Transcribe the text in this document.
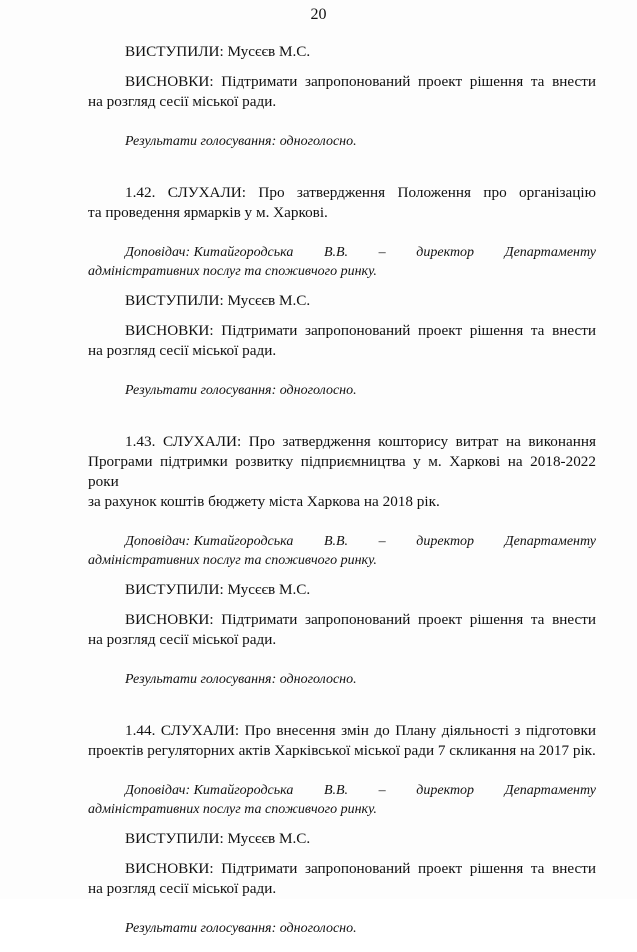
20

ВИСТУПИЛИ: Мусєєв М.С.

ВИСНОВКИ: Підтримати запропонований проект рішення та внести

на розгляд сесії міської ради.

Результати голосування: одноголосно.

1.42. СЛУХАЛИ: Про затвердження Положення про організацію

та проведення ярмарків у м. Харкові.

Доповідач: Китайгородська В.В. – директор Департаменту

адміністративних послуг та споживчого ринку.

ВИСТУПИЛИ: Мусєєв М.С.

ВИСНОВКИ: Підтримати запропонований проект рішення та внести

на розгляд сесії міської ради.

Результати голосування: одноголосно.

1.43. СЛУХАЛИ: Про затвердження кошторису витрат на виконання

Програми підтримки розвитку підприємництва у м. Харкові на 2018-2022 роки

за рахунок коштів бюджету міста Харкова на 2018 рік.

Доповідач: Китайгородська В.В. – директор Департаменту

адміністративних послуг та споживчого ринку.

ВИСТУПИЛИ: Мусєєв М.С.

ВИСНОВКИ: Підтримати запропонований проект рішення та внести

на розгляд сесії міської ради.

Результати голосування: одноголосно.

1.44. СЛУХАЛИ: Про внесення змін до Плану діяльності з підготовки

проектів регуляторних актів Харківської міської ради 7 скликання на 2017 рік.

Доповідач: Китайгородська В.В. – директор Департаменту

адміністративних послуг та споживчого ринку.

ВИСТУПИЛИ: Мусєєв М.С.

ВИСНОВКИ: Підтримати запропонований проект рішення та внести

на розгляд сесії міської ради.

Результати голосування: одноголосно.
